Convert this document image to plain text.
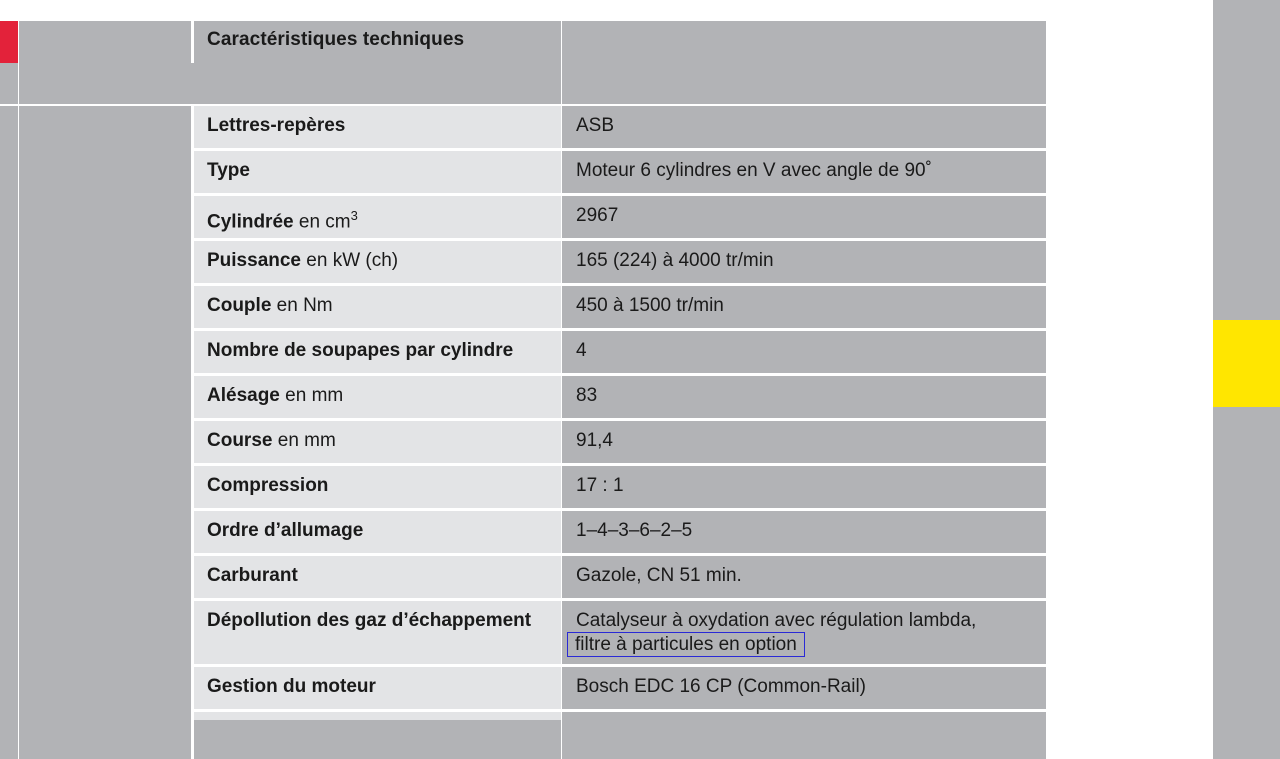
Caractéristiques techniques
Lettres-repères	ASB
Type	Moteur 6 cylindres en V avec angle de 90˚
Cylindrée en $cm^3$	2967
Puissance en kW (ch)	165 (224) à 4000 tr/min
Couple en Nm	450 à 1500 tr/min
Nombre de soupapes par cylindre	4
Alésage en mm	83
Course en mm	91,4
Compression	17 : 1
Ordre d’allumage	1–4–3–6–2–5
Carburant	Gazole, CN 51 min.
Dépollution des gaz d’échappement	Catalyseur à oxydation avec régulation lambda,
filtre à particules en option
Gestion du moteur	Bosch EDC 16 CP (Common-Rail)
